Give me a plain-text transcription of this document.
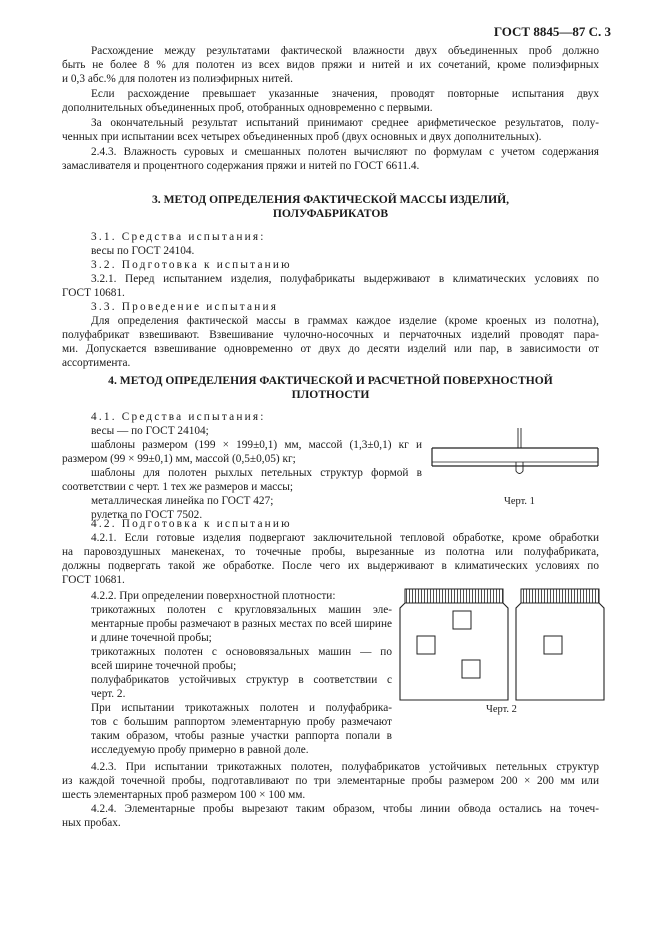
ГОСТ 8845—87 С. 3
Расхождение между результатами фактической влажности двух объединенных проб должно
быть не более 8 % для полотен из всех видов пряжи и нитей и их сочетаний, кроме полиэфирных
и 0,3 абс.% для полотен из полиэфирных нитей.
Если расхождение превышает указанные значения, проводят повторные испытания двух
дополнительных объединенных проб, отобранных одновременно с первыми.
За окончательный результат испытаний принимают среднее арифметическое результатов, полу-
ченных при испытании всех четырех объединенных проб (двух основных и двух дополнительных).
2.4.3. Влажность суровых и смешанных полотен вычисляют по формулам с учетом содержания
замасливателя и процентного содержания пряжи и нитей по ГОСТ 6611.4.
3. МЕТОД ОПРЕДЕЛЕНИЯ ФАКТИЧЕСКОЙ МАССЫ ИЗДЕЛИЙ,
ПОЛУФАБРИКАТОВ
3.1. Средства испытания:
весы по ГОСТ 24104.
3.2. Подготовка к испытанию
3.2.1. Перед испытанием изделия, полуфабрикаты выдерживают в климатических условиях по
ГОСТ 10681.
3.3. Проведение испытания
Для определения фактической массы в граммах каждое изделие (кроме кроеных из полотна),
полуфабрикат взвешивают. Взвешивание чулочно-носочных и перчаточных изделий проводят пара-
ми. Допускается взвешивание одновременно от двух до десяти изделий или пар, в зависимости от
ассортимента.
4. МЕТОД ОПРЕДЕЛЕНИЯ ФАКТИЧЕСКОЙ И РАСЧЕТНОЙ ПОВЕРХНОСТНОЙ
ПЛОТНОСТИ
4.1. Средства испытания:
весы — по ГОСТ 24104;
шаблоны размером (199 × 199±0,1) мм, массой (1,3±0,1) кг и
размером (99 × 99±0,1) мм, массой (0,5±0,05) кг;
шаблоны для полотен рыхлых петельных структур формой в
соответствии с черт. 1 тех же размеров и массы;
металлическая линейка по ГОСТ 427;
рулетка по ГОСТ 7502.
Черт. 1
4.2. Подготовка к испытанию
4.2.1. Если готовые изделия подвергают заключительной тепловой обработке, кроме обработки
на паровоздушных манекенах, то точечные пробы, вырезанные из полотна или полуфабриката,
должны подвергать такой же обработке. После чего их выдерживают в климатических условиях по
ГОСТ 10681.
4.2.2. При определении поверхностной плотности:
трикотажных полотен с кругловязальных машин эле-
ментарные пробы размечают в разных местах по всей ширине
и длине точечной пробы;
трикотажных полотен с основовязальных машин — по
всей ширине точечной пробы;
полуфабрикатов устойчивых структур в соответствии с
черт. 2.
При испытании трикотажных полотен и полуфабрика-
тов с большим раппортом элементарную пробу размечают
таким образом, чтобы разные участки раппорта попали в
исследуемую пробу примерно в равной доле.
Черт. 2
4.2.3. При испытании трикотажных полотен, полуфабрикатов устойчивых петельных структур
из каждой точечной пробы, подготавливают по три элементарные пробы размером 200 × 200 мм или
шесть элементарных проб размером 100 × 100 мм.
4.2.4. Элементарные пробы вырезают таким образом, чтобы линии обвода остались на точеч-
ных пробах.
